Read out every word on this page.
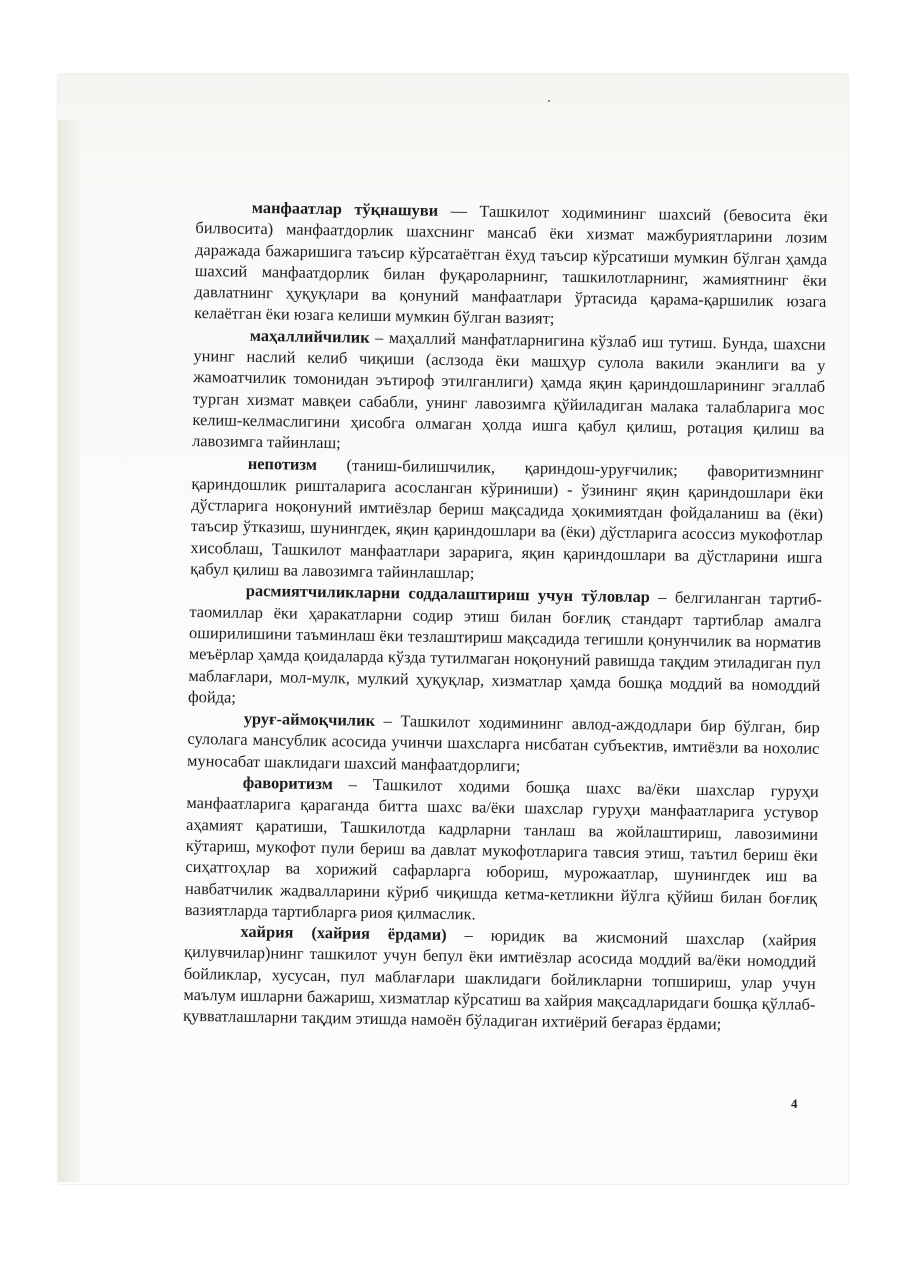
манфаатлар тўқнашуви — Ташкилот ходимининг шахсий (бевосита ёки билвосита) манфаатдорлик шахснинг мансаб ёки хизмат мажбуриятларини лозим даражада бажаришига таъсир кўрсатаётган ёхуд таъсир кўрсатиши мумкин бўлган ҳамда шахсий манфаатдорлик билан фуқароларнинг, ташкилотларнинг, жамиятнинг ёки давлатнинг ҳуқуқлари ва қонуний манфаатлари ўртасида қарама-қаршилик юзага келаётган ёки юзага келиши мумкин бўлган вазият;

маҳаллийчилик – маҳаллий манфатларнигина кўзлаб иш тутиш. Бунда, шахсни унинг наслий келиб чиқиши (аслзода ёки машҳур сулола вакили эканлиги ва у жамоатчилик томонидан эътироф этилганлиги) ҳамда яқин қариндошларининг эгаллаб турган хизмат мавқеи сабабли, унинг лавозимга қўйиладиган малака талабларига мос келиш-келмаслигини ҳисобга олмаган ҳолда ишга қабул қилиш, ротация қилиш ва лавозимга тайинлаш;

непотизм (таниш-билишчилик, қариндош-уруғчилик; фаворитизмнинг қариндошлик ришталарига асосланган кўриниши) - ўзининг яқин қариндошлари ёки дўстларига ноқонуний имтиёзлар бериш мақсадида ҳокимиятдан фойдаланиш ва (ёки) таъсир ўтказиш, шунингдек, яқин қариндошлари ва (ёки) дўстларига асоссиз мукофотлар хисоблаш, Ташкилот манфаатлари зарарига, яқин қариндошлари ва дўстларини ишга қабул қилиш ва лавозимга тайинлашлар;

расмиятчиликларни соддалаштириш учун тўловлар – белгиланган тартиб-таомиллар ёки ҳаракатларни содир этиш билан боғлиқ стандарт тартиблар амалга оширилишини таъминлаш ёки тезлаштириш мақсадида тегишли қонунчилик ва норматив меъёрлар ҳамда қоидаларда кўзда тутилмаган ноқонуний равишда тақдим этиладиган пул маблағлари, мол-мулк, мулкий ҳуқуқлар, хизматлар ҳамда бошқа моддий ва номоддий фойда;

уруғ-аймоқчилик – Ташкилот ходимининг авлод-аждодлари бир бўлган, бир сулолага мансублик асосида учинчи шахсларга нисбатан субъектив, имтиёзли ва нохолис муносабат шаклидаги шахсий манфаатдорлиги;

фаворитизм – Ташкилот ходими бошқа шахс ва/ёки шахслар гуруҳи манфаатларига қараганда битта шахс ва/ёки шахслар гуруҳи манфаатларига устувор аҳамият қаратиши, Ташкилотда кадрларни танлаш ва жойлаштириш, лавозимини кўтариш, мукофот пули бериш ва давлат мукофотларига тавсия этиш, таътил бериш ёки сиҳатгоҳлар ва хорижий сафарларга юбориш, мурожаатлар, шунингдек иш ва навбатчилик жадвалларини кўриб чиқишда кетма-кетликни йўлга қўйиш билан боғлиқ вазиятларда тартибларга риоя қилмаслик.

хайрия (хайрия ёрдами) – юридик ва жисмоний шахслар (хайрия қилувчилар)нинг ташкилот учун бепул ёки имтиёзлар асосида моддий ва/ёки номоддий бойликлар, хусусан, пул маблағлари шаклидаги бойликларни топшириш, улар учун маълум ишларни бажариш, хизматлар кўрсатиш ва хайрия мақсадларидаги бошқа қўллаб-қувватлашларни тақдим этишда намоён бўладиган ихтиёрий беғараз ёрдами;

4
